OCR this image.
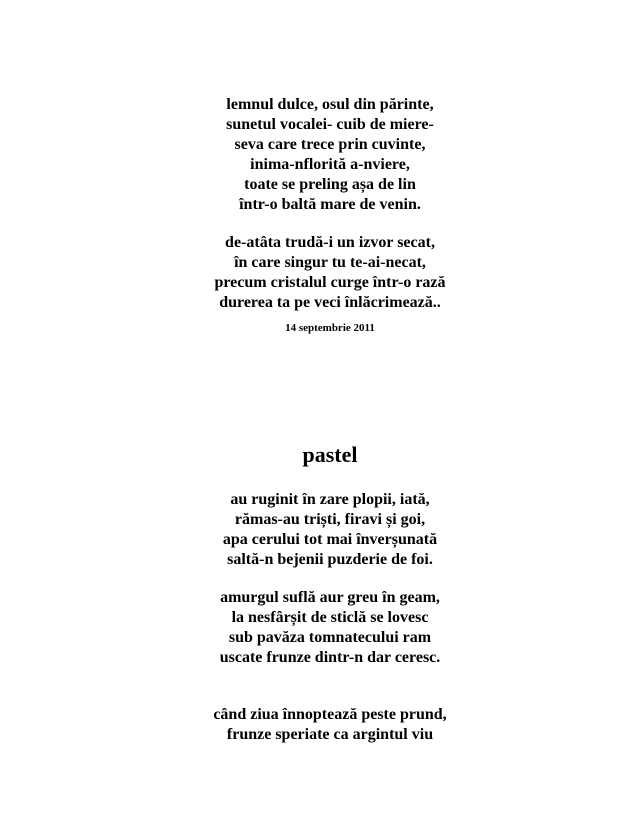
lemnul dulce, osul din părinte,
sunetul vocalei- cuib de miere-
seva care trece prin cuvinte,
inima-nflorită a-nviere,
toate se preling așa de lin
într-o baltă mare de venin.
de-atâta trudă-i un izvor secat,
în care singur tu te-ai-necat,
precum cristalul curge într-o rază
durerea ta pe veci înlăcrimează..
14 septembrie 2011
pastel
au ruginit în zare plopii, iată,
rămas-au triști, firavi și goi,
apa cerului tot mai înverșunată
saltă-n bejenii puzderie de foi.
amurgul suflă aur greu în geam,
la nesfârșit de sticlă se lovesc
sub pavăza tomnatecului ram
uscate frunze dintr-n dar ceresc.
când ziua înnoptează peste prund,
frunze speriate ca argintul viu
